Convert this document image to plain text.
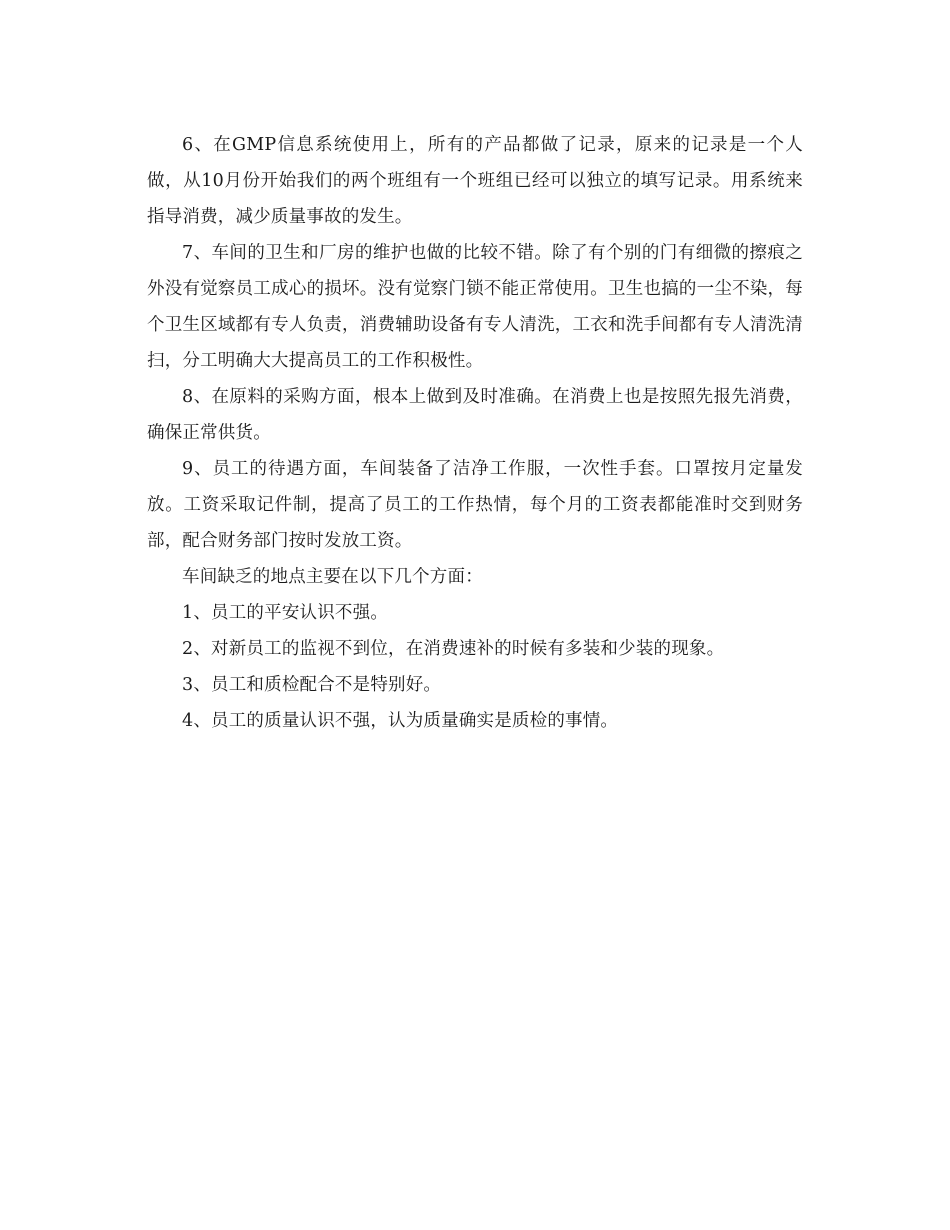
6、在GMP信息系统使用上，所有的产品都做了记录，原来的记录是一个人做，从10月份开始我们的两个班组有一个班组已经可以独立的填写记录。用系统来指导消费，减少质量事故的发生。

7、车间的卫生和厂房的维护也做的比较不错。除了有个别的门有细微的擦痕之外没有觉察员工成心的损坏。没有觉察门锁不能正常使用。卫生也搞的一尘不染，每个卫生区域都有专人负责，消费辅助设备有专人清洗，工衣和洗手间都有专人清洗清扫，分工明确大大提高员工的工作积极性。

8、在原料的采购方面，根本上做到及时准确。在消费上也是按照先报先消费，确保正常供货。

9、员工的待遇方面，车间装备了洁净工作服，一次性手套。口罩按月定量发放。工资采取记件制，提高了员工的工作热情，每个月的工资表都能准时交到财务部，配合财务部门按时发放工资。

车间缺乏的地点主要在以下几个方面：

1、员工的平安认识不强。

2、对新员工的监视不到位，在消费速补的时候有多装和少装的现象。

3、员工和质检配合不是特别好。

4、员工的质量认识不强，认为质量确实是质检的事情。
